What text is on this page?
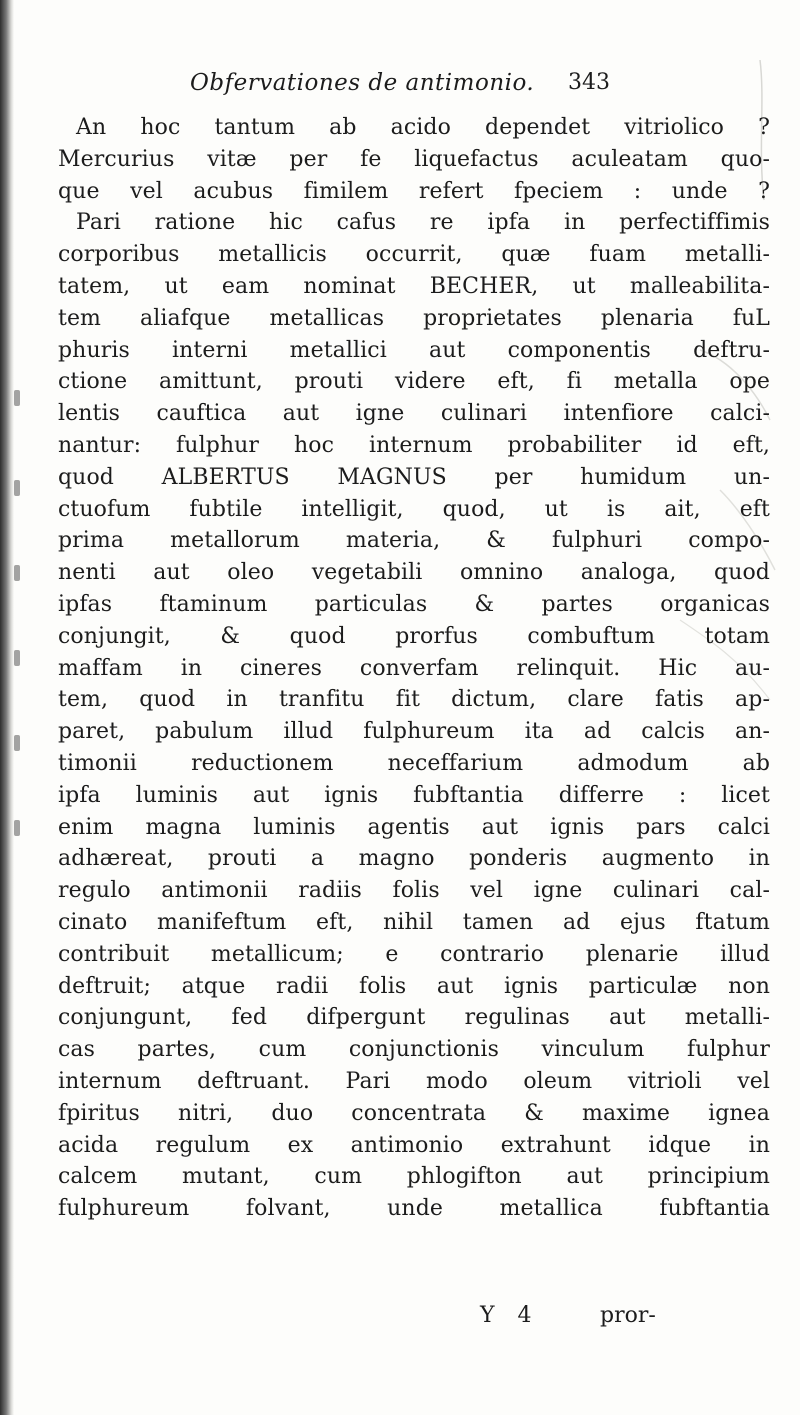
Obfervationes de antimonio. 343
An hoc tantum ab acido dependet vitriolico ?
Mercurius vitæ per fe liquefactus aculeatam quo-
que vel acubus fimilem refert fpeciem : unde ?
Pari ratione hic cafus re ipfa in perfectiffimis
corporibus metallicis occurrit, quæ fuam metalli-
tatem, ut eam nominat BECHER, ut malleabilita-
tem aliafque metallicas proprietates plenaria fuL
phuris interni metallici aut componentis deftru-
ctione amittunt, prouti videre eft, fi metalla ope
lentis cauftica aut igne culinari intenfiore calci-
nantur: fulphur hoc internum probabiliter id eft,
quod ALBERTUS MAGNUS per humidum un-
ctuofum fubtile intelligit, quod, ut is ait, eft
prima metallorum materia, & fulphuri compo-
nenti aut oleo vegetabili omnino analoga, quod
ipfas ftaminum particulas & partes organicas
conjungit, & quod prorfus combuftum totam
maffam in cineres converfam relinquit. Hic au-
tem, quod in tranfitu fit dictum, clare fatis ap-
paret, pabulum illud fulphureum ita ad calcis an-
timonii reductionem neceffarium admodum ab
ipfa luminis aut ignis fubftantia differre : licet
enim magna luminis agentis aut ignis pars calci
adhæreat, prouti a magno ponderis augmento in
regulo antimonii radiis folis vel igne culinari cal-
cinato manifeftum eft, nihil tamen ad ejus ftatum
contribuit metallicum; e contrario plenarie illud
deftruit; atque radii folis aut ignis particulæ non
conjungunt, fed difpergunt regulinas aut metalli-
cas partes, cum conjunctionis vinculum fulphur
internum deftruant. Pari modo oleum vitrioli vel
fpiritus nitri, duo concentrata & maxime ignea
acida regulum ex antimonio extrahunt idque in
calcem mutant, cum phlogifton aut principium
fulphureum folvant, unde metallica fubftantia
Y 4	pror-
